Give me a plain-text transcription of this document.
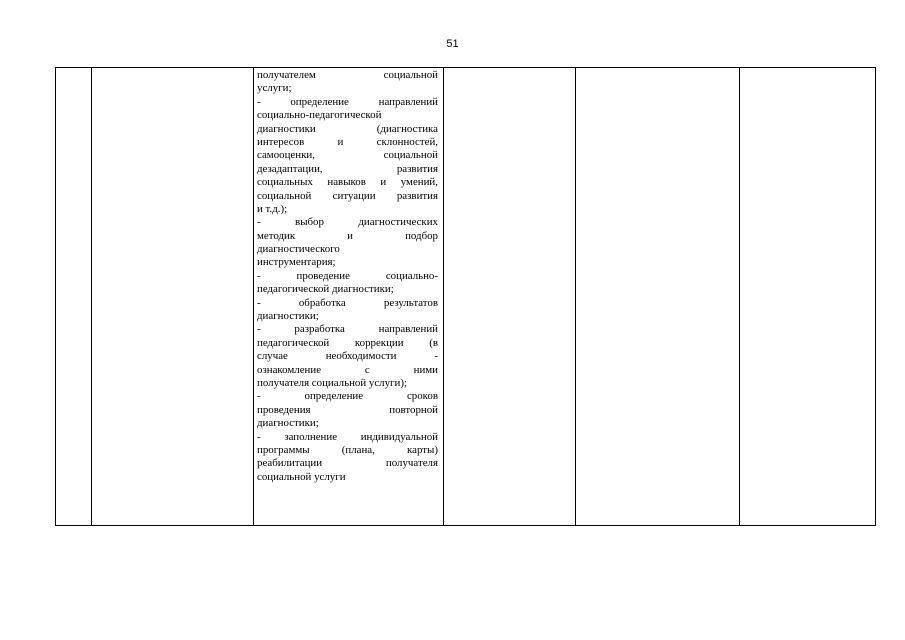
51
получателем социальной
услуги;
- определение направлений
социально-педагогической
диагностики (диагностика
интересов и склонностей,
самооценки, социальной
дезадаптации, развития
социальных навыков и умений,
социальной ситуации развития
и т.д.);
- выбор диагностических
методик и подбор
диагностического
инструментария;
- проведение социально-
педагогической диагностики;
- обработка результатов
диагностики;
- разработка направлений
педагогической коррекции (в
случае необходимости -
ознакомление с ними
получателя социальной услуги);
- определение сроков
проведения повторной
диагностики;
- заполнение индивидуальной
программы (плана, карты)
реабилитации получателя
социальной услуги
